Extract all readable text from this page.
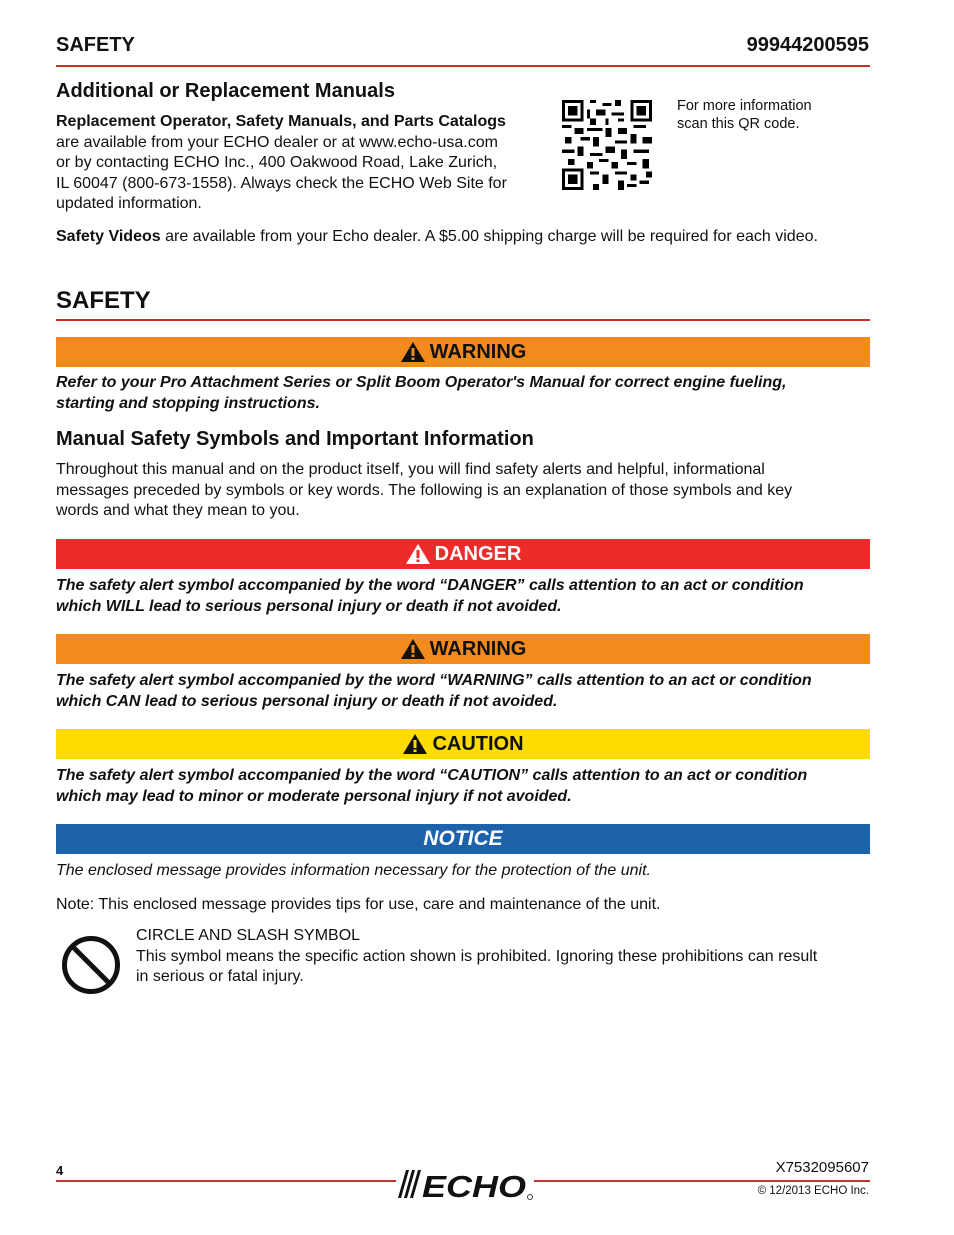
SAFETY	99944200595
Additional or Replacement Manuals
Replacement Operator, Safety Manuals, and Parts Catalogs
are available from your ECHO dealer or at www.echo-usa.com
or by contacting ECHO Inc., 400 Oakwood Road, Lake Zurich,
IL 60047 (800-673-1558). Always check the ECHO Web Site for
updated information.
For more information
scan this QR code.
Safety Videos are available from your Echo dealer. A $5.00 shipping charge will be required for each video.
SAFETY
WARNING
Refer to your Pro Attachment Series or Split Boom Operator's Manual for correct engine fueling,
starting and stopping instructions.
Manual Safety Symbols and Important Information
Throughout this manual and on the product itself, you will find safety alerts and helpful, informational
messages preceded by symbols or key words. The following is an explanation of those symbols and key
words and what they mean to you.
DANGER
The safety alert symbol accompanied by the word “DANGER” calls attention to an act or condition
which WILL lead to serious personal injury or death if not avoided.
WARNING
The safety alert symbol accompanied by the word “WARNING” calls attention to an act or condition
which CAN lead to serious personal injury or death if not avoided.
CAUTION
The safety alert symbol accompanied by the word “CAUTION” calls attention to an act or condition
which may lead to minor or moderate personal injury if not avoided.
NOTICE
The enclosed message provides information necessary for the protection of the unit.
Note: This enclosed message provides tips for use, care and maintenance of the unit.
CIRCLE AND SLASH SYMBOL
This symbol means the specific action shown is prohibited. Ignoring these prohibitions can result
in serious or fatal injury.
4	X7532095607
ECHO	© 12/2013 ECHO Inc.
